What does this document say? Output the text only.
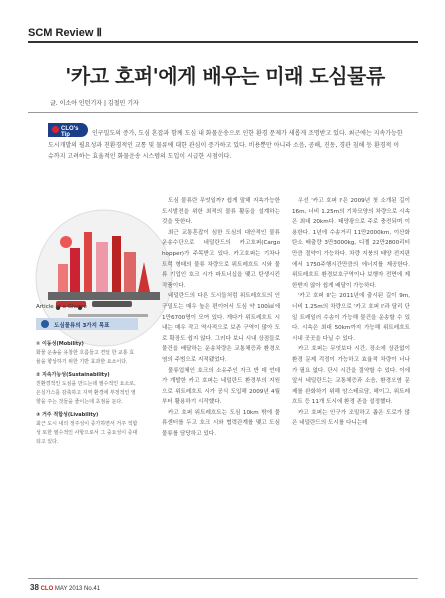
SCM Review Ⅱ
'카고 호퍼'에게 배우는 미래 도심물류
글. 이소아 인턴기자 | 김철민 기자
인구밀도의 증가, 도심 혼잡과 함께 도심 내 화물운송으로 인한 환경 문제가 새롭게 조명받고 있다. 최근에는 지속가능한 도시개발의 필요성과 친환경적인 교통 및 물류에 대한 관심이 증가하고 있다. 비용뿐만 아니라 소음, 공해, 진동, 경관 침해 등 환경적 이슈까지 고려하는 효율적인 화물운송 시스템의 도입이 시급한 시점이다.
CLO's Tip
Article at a Glance
도심물류의 3가지 목표
① 이동성(Mobility)
화물 운송을 유창한 흐름들고 견딜 한 교통 효율을 향상하기 위한 기반 효과한 요소이다.
② 지속가능성(Sustainability)
친환경적인 도심을 만드는데 필수적인 요소로, 온실가스를 감축하고 지역 환경에 부정적인 영향을 주는 것들을 줄이는데 초점을 둔다.
③ 거주 적합성(Livability)
최근 도시 내의 정주성이 증가하면서 거주 적합성 또한 필수적인 사항으로서 그 중요성이 증대되고 있다.

도심 물류란 무엇일까? 쉽게 말해 지속가능한 도시발전을 위한 최적의 물류 활동을 설계하는 것을 뜻한다.

최근 교통혼잡이 심한 도심의 대안적인 물류 운송수단으로 네덜란드의 카고호퍼(Cargo hopper)가 주목받고 있다. 카고호퍼는 기차나 트럭 형태의 물류 차량으로 위트레흐트 시와 물류 기업인 호크 시가 파트너십을 맺고 탄생시킨 작품이다.

네덜란드의 다른 도시들처럼 위트레흐트의 인구밀도는 매우 높은 편이어서 도심 약 100㎢에 1만6700명이 모여 있다. 게다가 위트레흐트 시내는 매우 작고 역사적으로 보존 구역이 많아 도로 확장도 쉽지 않다. 그러다 보니 시내 상점들로 물건을 배달하는 운송차량은 교통체증과 환경오염의 주범으로 지적됐었다.

물류업체인 호크의 소유주인 자크 반 데 언데가 개발한 카고 호퍼는 네덜란드 환경부의 지원으로 위트레흐트 시가 공식 도입해 2009년 4월부터 활용하기 시작했다.

카고 호퍼 위트레흐트는 도심 10km 밖에 물류센터를 두고 호크 시와 협력관계를 맺고 도심 물류를 담당하고 있다.

우선 '카고 호퍼 I'은 2009년 첫 소개된 길이 16m, 너비 1.25m의 기차모양의 차량으로 시속은 최대 20km다. 태양광으로 주로 충전되며 이용한다. 1년에 수송거리 11만2000km, 이산화탄소 배출량 3만3000kg, 디젤 22만2800리터만큼 절약이 가능하다. 차량 지붕의 태양 전지판에서 1750주행시간만큼의 에너지를 제공한다. 위트레흐트 환경보호구역이나 보행자 전면에 제한받지 않아 쉽게 배달이 가능하다.

'카고 호퍼 II'는 2011년에 출시된 길이 9m, 너비 1.25m의 차량으로 '카고 호퍼 I'과 달리 단일 트레일러 수송이 가능해 물건을 운송할 수 있다. 시속은 최대 50km까지 가능해 위트레흐트 시내 곳곳을 다닐 수 있다.

카고 호퍼는 무엇보다 시간, 장소에 상관없이 환경 문제 걱정이 가능하고 효율적 차량이 너나가 필요 없다. 단시 시간을 절약할 수 있다. 이에 앞서 네덜란드는 교통체증과 소음, 환경오염 문제를 완화하기 위해 암스테르담, 헤이그, 위트레흐트 등 11개 도시에 환경 존을 설정했다.

카고 호퍼는 인구가 조밀하고 좁은 도로가 많은 네덜란드의 도시를 다니는데

38 CLO MAY 2013 No.41
